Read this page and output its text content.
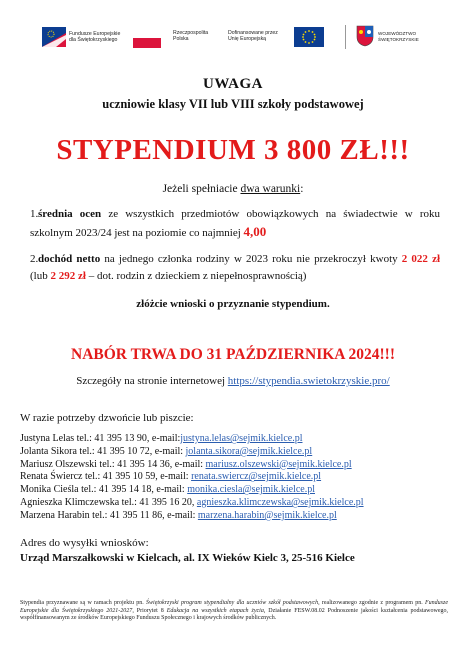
Fundusze Europejskie
dla Świętokrzyskiego
Rzeczpospolita
Polska
Dofinansowane przez
Unię Europejską
WOJEWÓDZTWO
ŚWIĘTOKRZYSKIE
UWAGA
uczniowie klasy VII lub VIII szkoły podstawowej
STYPENDIUM 3 800 ZŁ!!!
Jeżeli spełniacie dwa warunki:
1. średnia ocen ze wszystkich przedmiotów obowiązkowych na świadectwie w roku szkolnym 2023/24 jest na poziomie co najmniej 4,00
2. dochód netto na jednego członka rodziny w 2023 roku nie przekroczył kwoty 2 022 zł (lub 2 292 zł – dot. rodzin z dzieckiem z niepełnosprawnością)
złóżcie wnioski o przyznanie stypendium.
NABÓR TRWA DO 31 PAŹDZIERNIKA 2024!!!
Szczegóły na stronie internetowej https://stypendia.swietokrzyskie.pro/
W razie potrzeby dzwońcie lub piszcie:
Justyna Lelas tel.: 41 395 13 90, e-mail:justyna.lelas@sejmik.kielce.pl
Jolanta Sikora tel.: 41 395 10 72, e-mail: jolanta.sikora@sejmik.kielce.pl
Mariusz Olszewski tel.: 41 395 14 36, e-mail: mariusz.olszewski@sejmik.kielce.pl
Renata Świercz tel.: 41 395 10 59, e-mail: renata.swiercz@sejmik.kielce.pl
Monika Cieśla tel.: 41 395 14 18, e-mail: monika.ciesla@sejmik.kielce.pl
Agnieszka Klimczewska tel.: 41 395 16 20, agnieszka.klimczewska@sejmik.kielce.pl
Marzena Harabin tel.: 41 395 11 86, e-mail: marzena.harabin@sejmik.kielce.pl
Adres do wysyłki wniosków:
Urząd Marszałkowski w Kielcach, al. IX Wieków Kielc 3, 25-516 Kielce
Stypendia przyznawane są w ramach projektu pn. Świętokrzyski program stypendialny dla uczniów szkół podstawowych, realizowanego zgodnie z programem pn. Fundusze Europejskie dla Świętokrzyskiego 2021-2027, Priorytet 8 Edukacja na wszystkich etapach życia, Działanie FESW.08.02 Podnoszenie jakości kształcenia podstawowego, współfinansowanym ze środków Europejskiego Funduszu Społecznego i krajowych środków publicznych.
